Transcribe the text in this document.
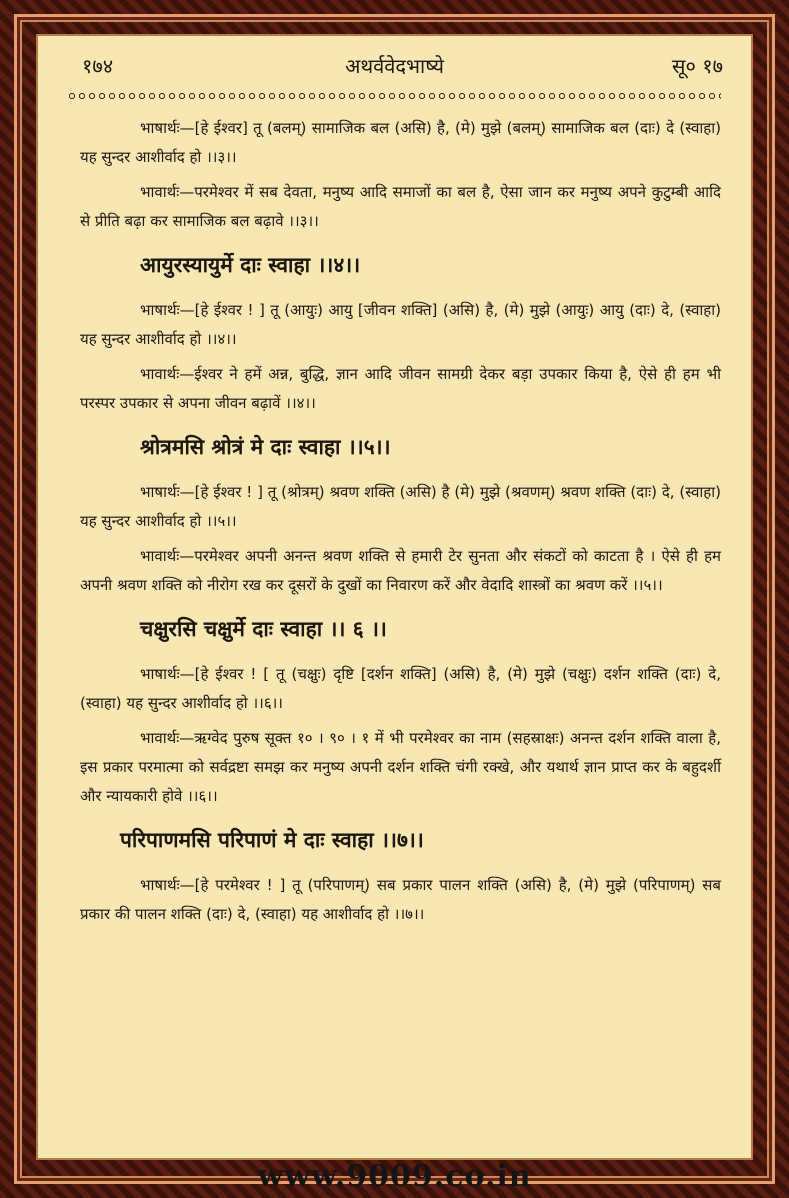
१७४	अथर्ववेदभाष्ये	सू० १७

भाषार्थः—[हे ईश्वर] तू (बलम्) सामाजिक बल (असि) है, (मे) मुझे (बलम्) सामाजिक बल (दाः) दे (स्वाहा) यह सुन्दर आशीर्वाद हो ।।३।।

भावार्थः—परमेश्वर में सब देवता, मनुष्य आदि समाजों का बल है, ऐसा जान कर मनुष्य अपने कुटुम्बी आदि से प्रीति बढ़ा कर सामाजिक बल बढ़ावे ।।३।।

आयुरस्यायुर्मे दाः स्वाहा ।।४।।

भाषार्थः—[हे ईश्वर ! ] तू (आयुः) आयु [जीवन शक्ति] (असि) है, (मे) मुझे (आयुः) आयु (दाः) दे, (स्वाहा) यह सुन्दर आशीर्वाद हो ।।४।।

भावार्थः—ईश्वर ने हमें अन्न, बुद्धि, ज्ञान आदि जीवन सामग्री देकर बड़ा उपकार किया है, ऐसे ही हम भी परस्पर उपकार से अपना जीवन बढ़ावें ।।४।।

श्रोत्रमसि श्रोत्रं मे दाः स्वाहा ।।५।।

भाषार्थः—[हे ईश्वर ! ] तू (श्रोत्रम्) श्रवण शक्ति (असि) है (मे) मुझे (श्रवणम्) श्रवण शक्ति (दाः) दे, (स्वाहा) यह सुन्दर आशीर्वाद हो ।।५।।

भावार्थः—परमेश्वर अपनी अनन्त श्रवण शक्ति से हमारी टेर सुनता और संकटों को काटता है । ऐसे ही हम अपनी श्रवण शक्ति को नीरोग रख कर दूसरों के दुखों का निवारण करें और वेदादि शास्त्रों का श्रवण करें ।।५।।

चक्षुरसि चक्षुर्मे दाः स्वाहा ।। ६ ।।

भाषार्थः—[हे ईश्वर ! [ तू (चक्षुः) दृष्टि [दर्शन शक्ति] (असि) है, (मे) मुझे (चक्षुः) दर्शन शक्ति (दाः) दे, (स्वाहा) यह सुन्दर आशीर्वाद हो ।।६।।

भावार्थः—ऋग्वेद पुरुष सूक्त १० । ९० । १ में भी परमेश्वर का नाम (सहस्राक्षः) अनन्त दर्शन शक्ति वाला है, इस प्रकार परमात्मा को सर्वद्रष्टा समझ कर मनुष्य अपनी दर्शन शक्ति चंगी रक्खे, और यथार्थ ज्ञान प्राप्त कर के बहुदर्शी और न्यायकारी होवे ।।६।।

परिपाणमसि परिपाणं मे दाः स्वाहा ।।७।।

भाषार्थः—[हे परमेश्वर ! ] तू (परिपाणम्) सब प्रकार पालन शक्ति (असि) है, (मे) मुझे (परिपाणम्) सब प्रकार की पालन शक्ति (दाः) दे, (स्वाहा) यह आशीर्वाद हो ।।७।।

www.9009.co.in
